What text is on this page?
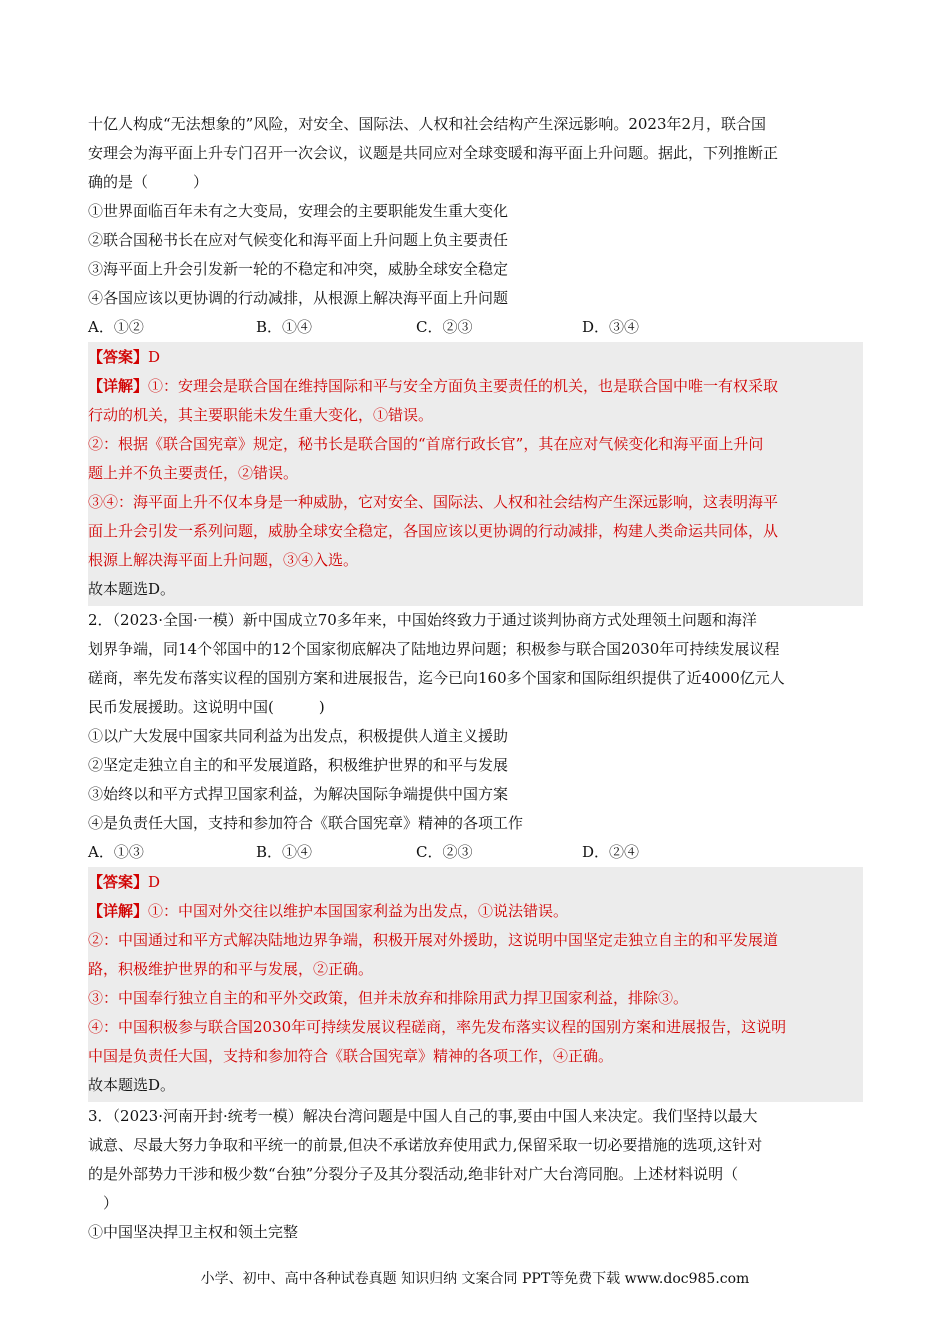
十亿人构成“无法想象的”风险，对安全、国际法、人权和社会结构产生深远影响。2023年2月，联合国
安理会为海平面上升专门召开一次会议，议题是共同应对全球变暖和海平面上升问题。据此，下列推断正
确的是（　　　）
①世界面临百年未有之大变局，安理会的主要职能发生重大变化
②联合国秘书长在应对气候变化和海平面上升问题上负主要责任
③海平面上升会引发新一轮的不稳定和冲突，威胁全球安全稳定
④各国应该以更协调的行动减排，从根源上解决海平面上升问题
A．①②	B．①④	C．②③	D．③④
【答案】D
【详解】①：安理会是联合国在维持国际和平与安全方面负主要责任的机关，也是联合国中唯一有权采取
行动的机关，其主要职能未发生重大变化，①错误。
②：根据《联合国宪章》规定，秘书长是联合国的“首席行政长官”，其在应对气候变化和海平面上升问
题上并不负主要责任，②错误。
③④：海平面上升不仅本身是一种威胁，它对安全、国际法、人权和社会结构产生深远影响，这表明海平
面上升会引发一系列问题，威胁全球安全稳定，各国应该以更协调的行动减排，构建人类命运共同体，从
根源上解决海平面上升问题，③④入选。
故本题选D。
2．（2023·全国·一模）新中国成立70多年来，中国始终致力于通过谈判协商方式处理领土问题和海洋
划界争端，同14个邻国中的12个国家彻底解决了陆地边界问题；积极参与联合国2030年可持续发展议程
磋商，率先发布落实议程的国别方案和进展报告，迄今已向160多个国家和国际组织提供了近4000亿元人
民币发展援助。这说明中国(　　　)
①以广大发展中国家共同利益为出发点，积极提供人道主义援助
②坚定走独立自主的和平发展道路，积极维护世界的和平与发展
③始终以和平方式捍卫国家利益，为解决国际争端提供中国方案
④是负责任大国，支持和参加符合《联合国宪章》精神的各项工作
A．①③	B．①④	C．②③	D．②④
【答案】D
【详解】①：中国对外交往以维护本国国家利益为出发点，①说法错误。
②：中国通过和平方式解决陆地边界争端，积极开展对外援助，这说明中国坚定走独立自主的和平发展道
路，积极维护世界的和平与发展，②正确。
③：中国奉行独立自主的和平外交政策，但并未放弃和排除用武力捍卫国家利益，排除③。
④：中国积极参与联合国2030年可持续发展议程磋商，率先发布落实议程的国别方案和进展报告，这说明
中国是负责任大国，支持和参加符合《联合国宪章》精神的各项工作，④正确。
故本题选D。
3．（2023·河南开封·统考一模）解决台湾问题是中国人自己的事,要由中国人来决定。我们坚持以最大
诚意、尽最大努力争取和平统一的前景,但决不承诺放弃使用武力,保留采取一切必要措施的选项,这针对
的是外部势力干涉和极少数“台独”分裂分子及其分裂活动,绝非针对广大台湾同胞。上述材料说明（
　）
①中国坚决捍卫主权和领土完整
小学、初中、高中各种试卷真题 知识归纳 文案合同 PPT等免费下载 www.doc985.com
